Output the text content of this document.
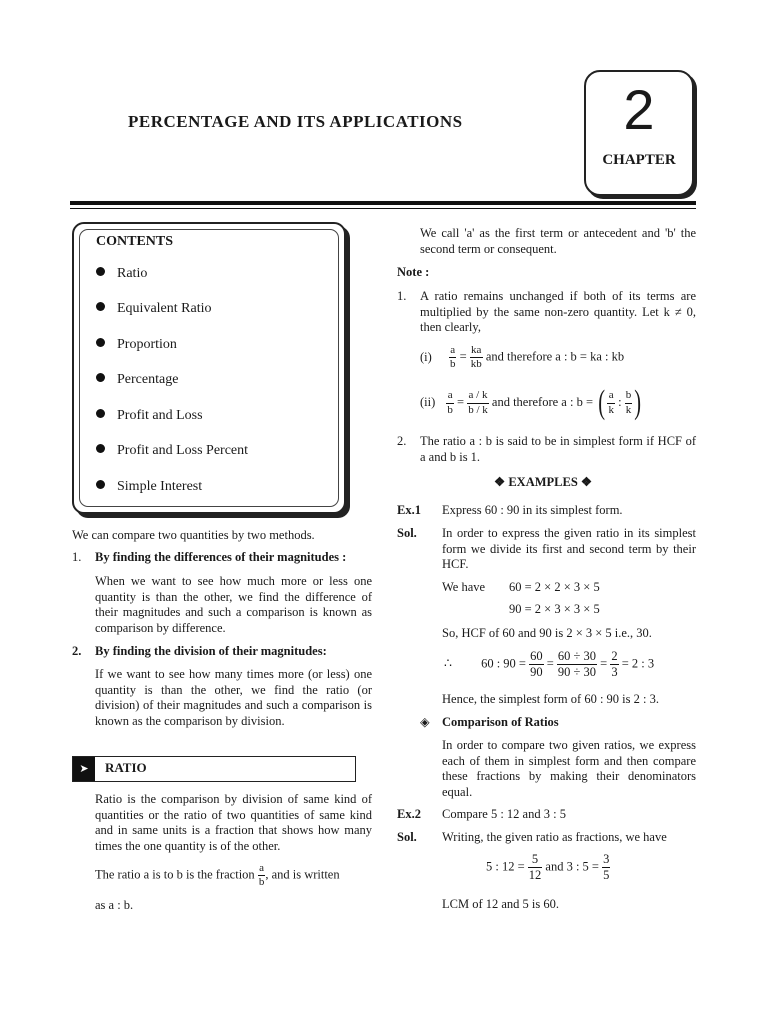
PERCENTAGE AND ITS APPLICATIONS	2
CHAPTER
CONTENTS
Ratio
Equivalent Ratio
Proportion
Percentage
Profit and Loss
Profit and Loss Percent
Simple Interest
We can compare two quantities by two methods.
1. By finding the differences of their magnitudes :
When we want to see how much more or less one quantity is than the other, we find the difference of their magnitudes and such a comparison is known as comparison by difference.
2. By finding the division of their magnitudes:
If we want to see how many times more (or less) one quantity is than the other, we find the ratio (or division) of their magnitudes and such a comparison is known as the comparison by division.
➤	RATIO
Ratio is the comparison by division of same kind of quantities or the ratio of two quantities of same kind and in same units is a fraction that shows how many times the one quantity is of the other.
The ratio a is to b is the fraction $\frac{a}{b}$ , and is written
as a : b.
We call 'a' as the first term or antecedent and 'b' the second term or consequent.
Note :
1. A ratio remains unchanged if both of its terms are multiplied by the same non-zero quantity. Let k ≠ 0, then clearly,
$(i) \frac{a}{b} = \frac{ka}{kb}$ and therefore a : b = ka : kb
$(ii) \frac{a}{b} = \frac{a / k}{b / k}$ and therefore a : b = ( $\frac{a}{k}$ : $\frac{b}{k}$ )
2. The ratio a : b is said to be in simplest form if HCF of a and b is 1.
❖ EXAMPLES ❖
Ex.1 Express 60 : 90 in its simplest form.
Sol. In order to express the given ratio in its simplest form we divide its first and second term by their HCF.
We have 60 = 2 × 2 × 3 × 5
90 = 2 × 3 × 3 × 5
So, HCF of 60 and 90 is 2 × 3 × 5 i.e., 30.
∴ 60 : $90 = \frac{60}{90} = \frac{60 \div 30}{90 \div 30} = \frac{2}{3} = 2$ : 3
Hence, the simplest form of 60 : 90 is 2 : 3.
◈ Comparison of Ratios
In order to compare two given ratios, we express each of them in simplest form and then compare these fractions by making their denominators equal.
Ex.2 Compare 5 : 12 and 3 : 5
Sol. Writing, the given ratio as fractions, we have
5 : $12 = \frac{5}{12}$ and 3 : $5 = \frac{3}{5}$
LCM of 12 and 5 is 60.
